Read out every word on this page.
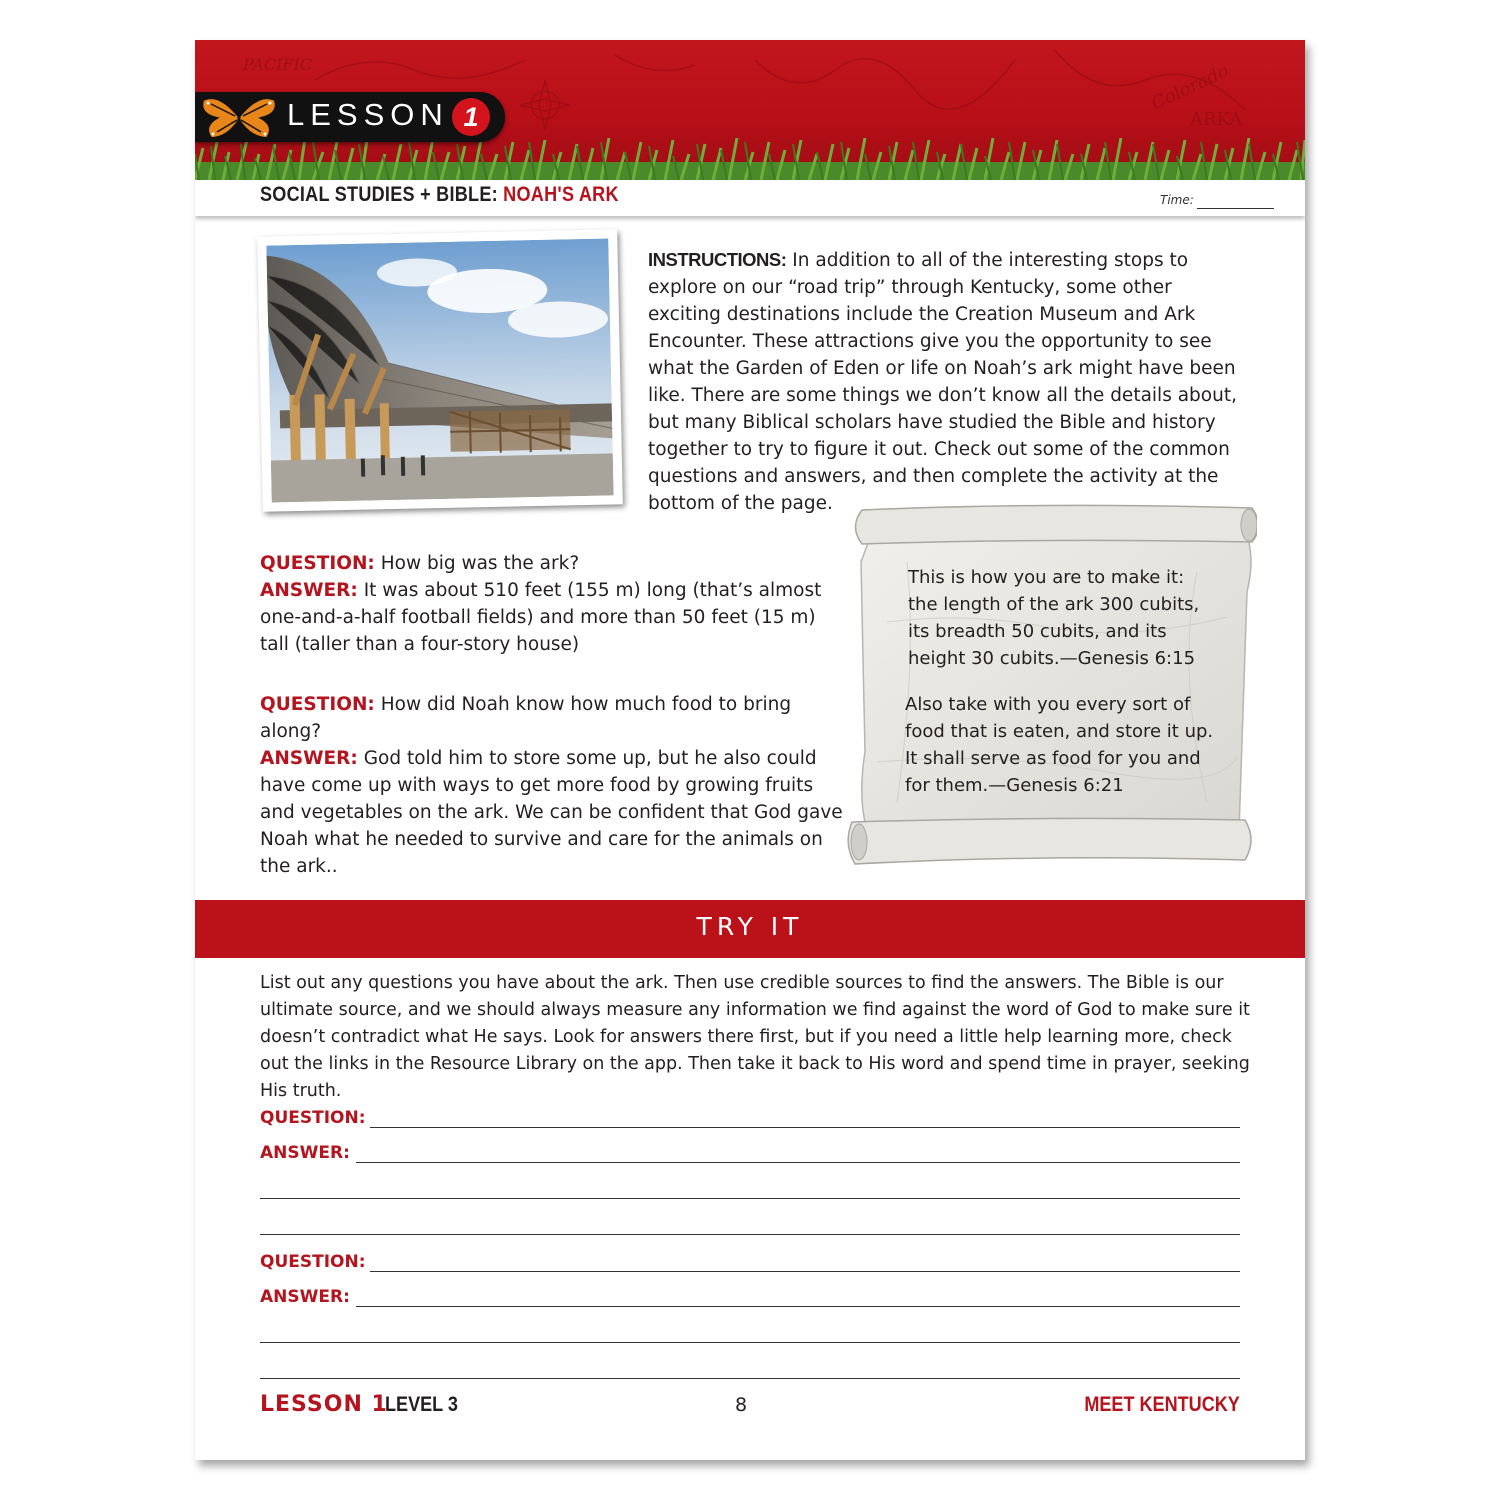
PACIFIC	Colorado
ARKA
LESSON 1
SOCIAL STUDIES + BIBLE: NOAH'S ARK	Time:
INSTRUCTIONS: In addition to all of the interesting stops to explore on our “road trip” through Kentucky, some other exciting destinations include the Creation Museum and Ark Encounter. These attractions give you the opportunity to see what the Garden of Eden or life on Noah’s ark might have been like. There are some things we don’t know all the details about, but many Biblical scholars have studied the Bible and history together to try to figure it out. Check out some of the common questions and answers, and then complete the activity at the bottom of the page.
QUESTION: How big was the ark?
ANSWER: It was about 510 feet (155 m) long (that’s almost one-and-a-half football fields) and more than 50 feet (15 m) tall (taller than a four-story house)
QUESTION: How did Noah know how much food to bring along?
ANSWER: God told him to store some up, but he also could have come up with ways to get more food by growing fruits and vegetables on the ark. We can be confident that God gave Noah what he needed to survive and care for the animals on the ark..
This is how you are to make it: the length of the ark 300 cubits, its breadth 50 cubits, and its height 30 cubits.—Genesis 6:15
Also take with you every sort of food that is eaten, and store it up. It shall serve as food for you and for them.—Genesis 6:21
TRY IT
List out any questions you have about the ark. Then use credible sources to find the answers. The Bible is our ultimate source, and we should always measure any information we find against the word of God to make sure it doesn’t contradict what He says. Look for answers there first, but if you need a little help learning more, check out the links in the Resource Library on the app. Then take it back to His word and spend time in prayer, seeking His truth.
QUESTION:
ANSWER:
QUESTION:
ANSWER:
LESSON 1
LEVEL 3	8	MEET KENTUCKY
